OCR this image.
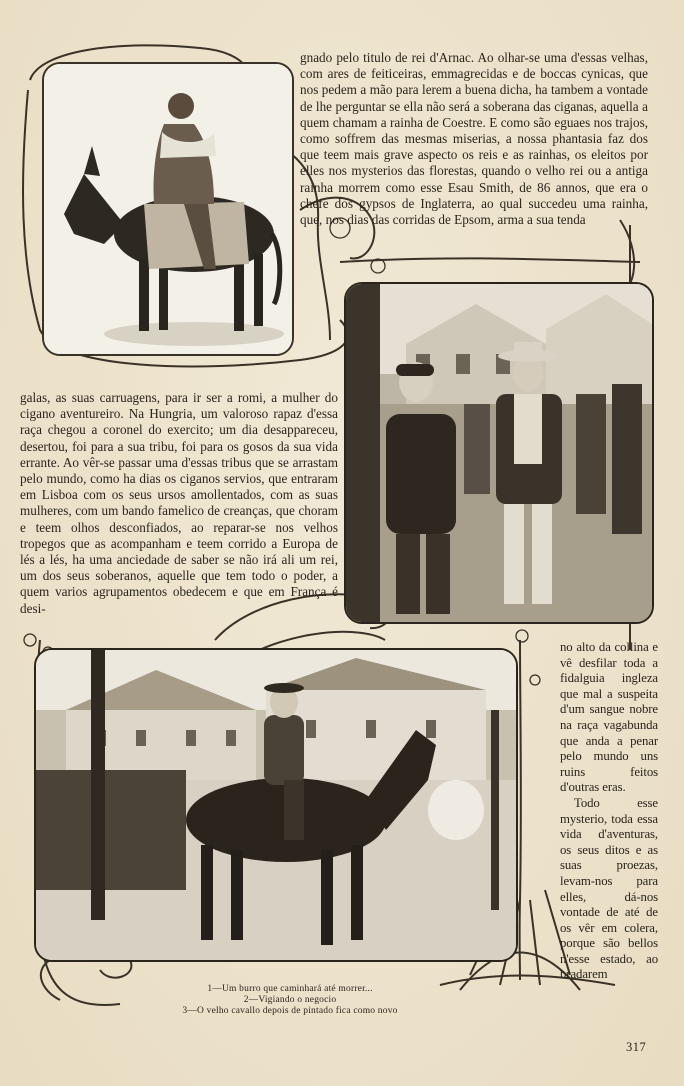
gnado pelo titulo de rei d'Arnac. Ao olhar-se uma d'essas velhas, com ares de feiticeiras, emmagrecidas e de boccas cynicas, que nos pedem a mão para lerem a buena dicha, ha tambem a vontade de lhe perguntar se ella não será a soberana das ciganas, aquella a quem chamam a rainha de Coestre. E como são eguaes nos trajos, como soffrem das mesmas miserias, a nossa phantasia faz dos que teem mais grave aspecto os reis e as rainhas, os eleitos por elles nos mysterios das florestas, quando o velho rei ou a antiga rainha morrem como esse Esau Smith, de 86 annos, que era o chefe dos gypsos de Inglaterra, ao qual succedeu uma rainha, que, nos dias das corridas de Epsom, arma a sua tenda

galas, as suas carruagens, para ir ser a romi, a mulher do cigano aventureiro. Na Hungria, um valoroso rapaz d'essa raça chegou a coronel do exercito; um dia desappareceu, desertou, foi para a sua tribu, foi para os gosos da sua vida errante. Ao vêr-se passar uma d'essas tribus que se arrastam pelo mundo, como ha dias os ciganos servios, que entraram em Lisboa com os seus ursos amollentados, com as suas mulheres, com um bando famelico de creanças, que choram e teem olhos desconfiados, ao reparar-se nos velhos tropegos que as acompanham e teem corrido a Europa de lés a lés, ha uma anciedade de saber se não irá ali um rei, um dos seus soberanos, aquelle que tem todo o poder, a quem varios agrupamentos obedecem e que em França é desi-

no alto da collina e vê desfilar toda a fidalguia ingleza que mal a suspeita d'um sangue nobre na raça vagabunda que anda a penar pelo mundo uns ruins feitos d'outras eras.

Todo esse mysterio, toda essa vida d'aventuras, os seus ditos e as suas proezas, levam-nos para elles, dá-nos vontade de até de os vêr em colera, porque são bellos n'esse estado, ao bradarem

1—Um burro que caminhará até morrer...
2—Vigiando o negocio
3—O velho cavallo depois de pintado fica como novo
317
